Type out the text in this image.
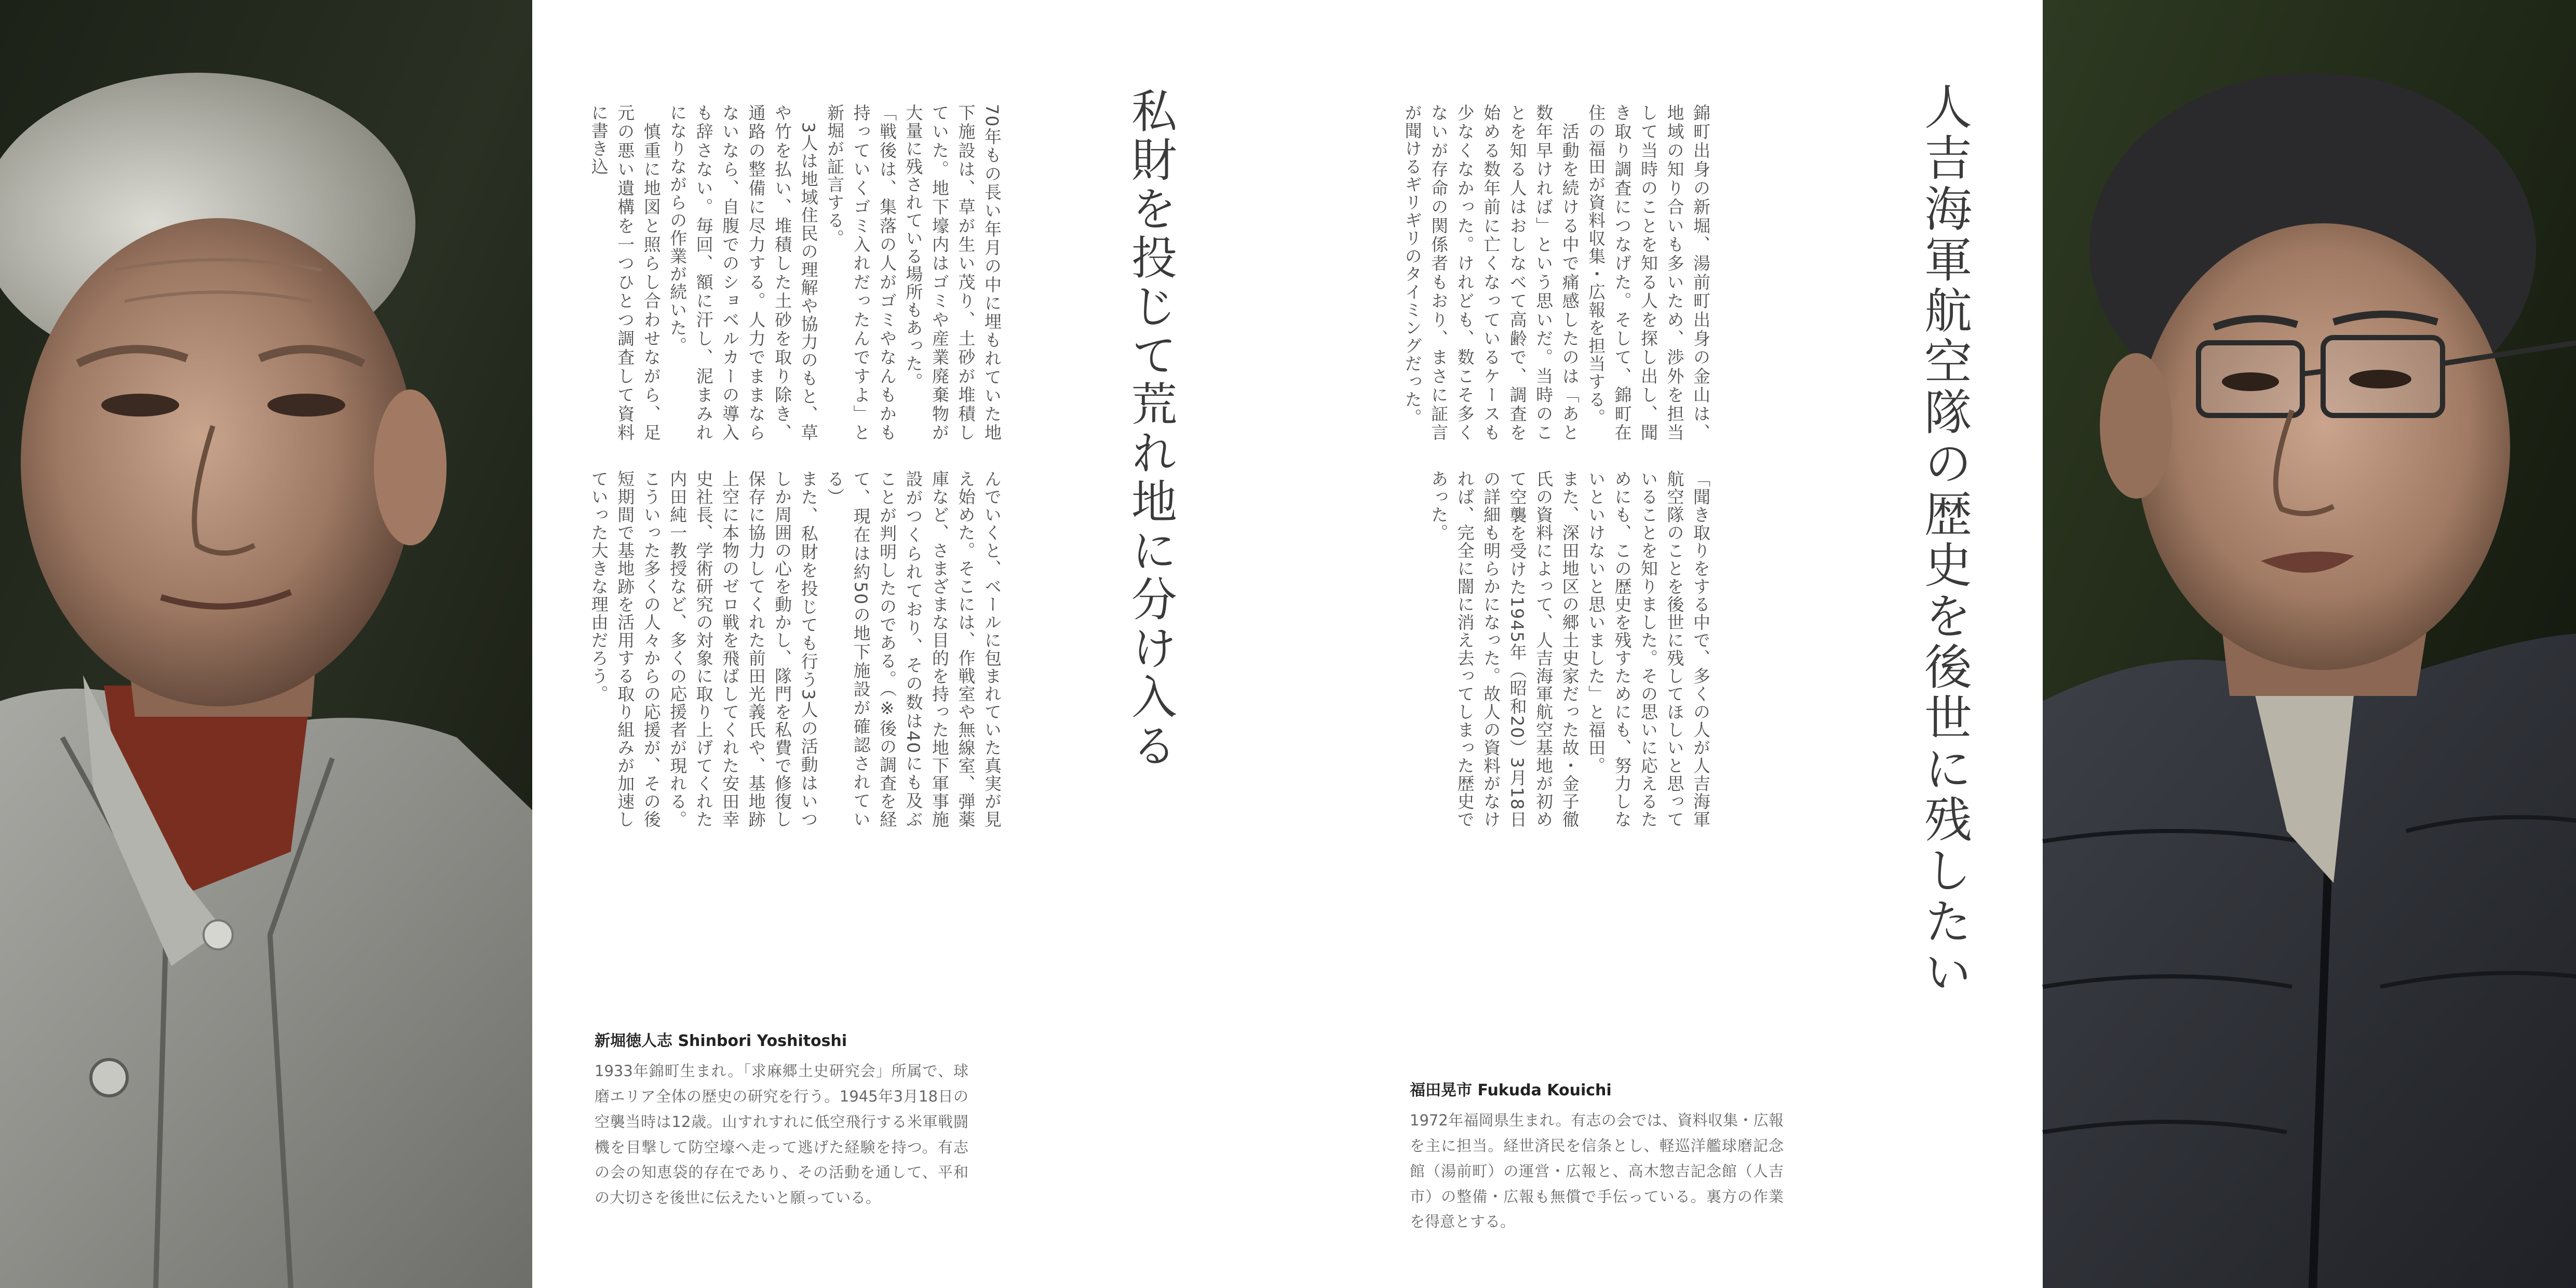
私財を投じて荒れ地に分け入る
70年もの長い年月の中に埋もれていた地下施設は、草が生い茂り、土砂が堆積していた。地下壕内はゴミや産業廃棄物が大量に残されている場所もあった。
「戦後は、集落の人がゴミやなんもかも持っていくゴミ入れだったんですよ」と新堀が証言する。
　3人は地域住民の理解や協力のもと、草や竹を払い、堆積した土砂を取り除き、通路の整備に尽力する。人力でままならないなら、自腹でのショベルカーの導入も辞さない。毎回、額に汗し、泥まみれになりながらの作業が続いた。
　慎重に地図と照らし合わせながら、足元の悪い遺構を一つひとつ調査して資料に書き込
んでいくと、ベールに包まれていた真実が見え始めた。そこには、作戦室や無線室、弾薬庫など、さまざまな目的を持った地下軍事施設がつくられており、その数は40にも及ぶことが判明したのである。（※後の調査を経て、現在は約50の地下施設が確認されている）
また、私財を投じても行う3人の活動はいつしか周囲の心を動かし、隊門を私費で修復し保存に協力してくれた前田光義氏や、基地跡上空に本物のゼロ戦を飛ばしてくれた安田幸史社長、学術研究の対象に取り上げてくれた内田純一教授など、多くの応援者が現れる。こういった多くの人々からの応援が、その後短期間で基地跡を活用する取り組みが加速していった大きな理由だろう。	人吉海軍航空隊の歴史を後世に残したい
錦町出身の新堀、湯前町出身の金山は、地域の知り合いも多いため、渉外を担当して当時のことを知る人を探し出し、聞き取り調査につなげた。そして、錦町在住の福田が資料収集・広報を担当する。
　活動を続ける中で痛感したのは「あと数年早ければ」という思いだ。当時のことを知る人はおしなべて高齢で、調査を始める数年前に亡くなっているケースも少なくなかった。けれども、数こそ多くないが存命の関係者もおり、まさに証言が聞けるギリギリのタイミングだった。
「聞き取りをする中で、多くの人が人吉海軍航空隊のことを後世に残してほしいと思っていることを知りました。その思いに応えるためにも、この歴史を残すためにも、努力しないといけないと思いました」と福田。
また、深田地区の郷土史家だった故・金子徹氏の資料によって、人吉海軍航空基地が初めて空襲を受けた1945年（昭和20）3月18日の詳細も明らかになった。故人の資料がなければ、完全に闇に消え去ってしまった歴史であった。
新堀徳人志 Shinbori Yoshitoshi
1933年錦町生まれ。「求麻郷土史研究会」所属で、球磨エリア全体の歴史の研究を行う。1945年3月18日の空襲当時は12歳。山すれすれに低空飛行する米軍戦闘機を目撃して防空壕へ走って逃げた経験を持つ。有志の会の知恵袋的存在であり、その活動を通して、平和の大切さを後世に伝えたいと願っている。
福田晃市 Fukuda Kouichi
1972年福岡県生まれ。有志の会では、資料収集・広報を主に担当。経世済民を信条とし、軽巡洋艦球磨記念館（湯前町）の運営・広報と、高木惣吉記念館（人吉市）の整備・広報も無償で手伝っている。裏方の作業を得意とする。
